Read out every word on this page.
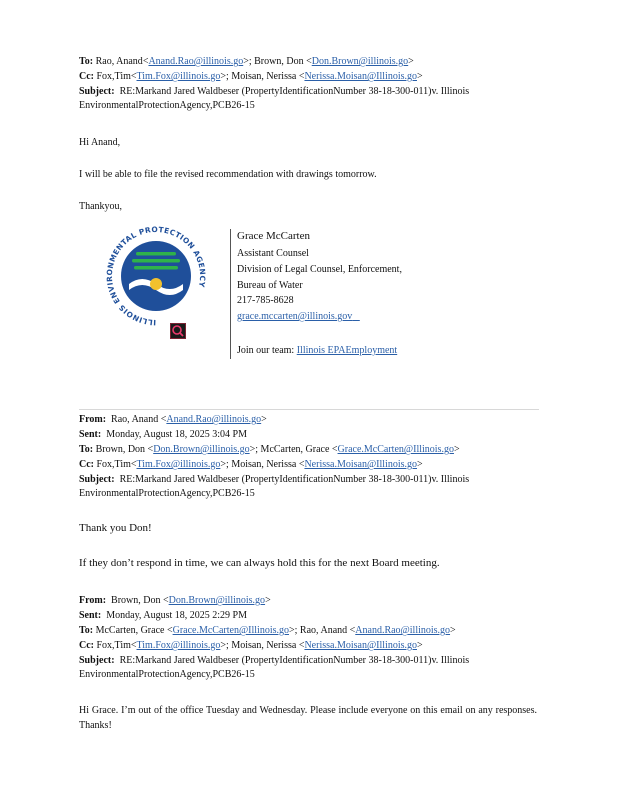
To: Rao, Anand<Anand.Rao@illinois.go>; Brown, Don <Don.Brown@illinois.go>
Cc: Fox,Tim<Tim.Fox@illinois.go>; Moisan, Nerissa <Nerissa.Moisan@Illinois.go>
Subject: RE:Markand Jared Waldbeser (PropertyIdentificationNumber 38-18-300-011)v. Illinois
EnvironmentalProtectionAgency,PCB26-15
Hi Anand,
I will be able to file the revised recommendation with drawings tomorrow.
Thankyou,
ILLINOIS ENVIRONMENTAL PROTECTION AGENCY
Grace McCarten
Assistant Counsel
Division of Legal Counsel, Enforcement,
Bureau of Water
217-785-8628
grace.mccarten@illinois.gov
Join our team: Illinois EPAEmployment
From: Rao, Anand <Anand.Rao@illinois.go>
Sent: Monday, August 18, 2025 3:04 PM
To: Brown, Don <Don.Brown@illinois.go>; McCarten, Grace <Grace.McCarten@Illinois.go>
Cc: Fox,Tim<Tim.Fox@illinois.go>; Moisan, Nerissa <Nerissa.Moisan@Illinois.go>
Subject: RE:Markand Jared Waldbeser (PropertyIdentificationNumber 38-18-300-011)v. Illinois
EnvironmentalProtectionAgency,PCB26-15
Thank you Don!
If they don’t respond in time, we can always hold this for the next Board meeting.
From: Brown, Don <Don.Brown@illinois.go>
Sent: Monday, August 18, 2025 2:29 PM
To: McCarten, Grace <Grace.McCarten@Illinois.go>; Rao, Anand <Anand.Rao@illinois.go>
Cc: Fox,Tim<Tim.Fox@illinois.go>; Moisan, Nerissa <Nerissa.Moisan@Illinois.go>
Subject: RE:Markand Jared Waldbeser (PropertyIdentificationNumber 38-18-300-011)v. Illinois
EnvironmentalProtectionAgency,PCB26-15
Hi Grace. I’m out of the office Tuesday and Wednesday. Please include everyone on this email on any responses. Thanks!
